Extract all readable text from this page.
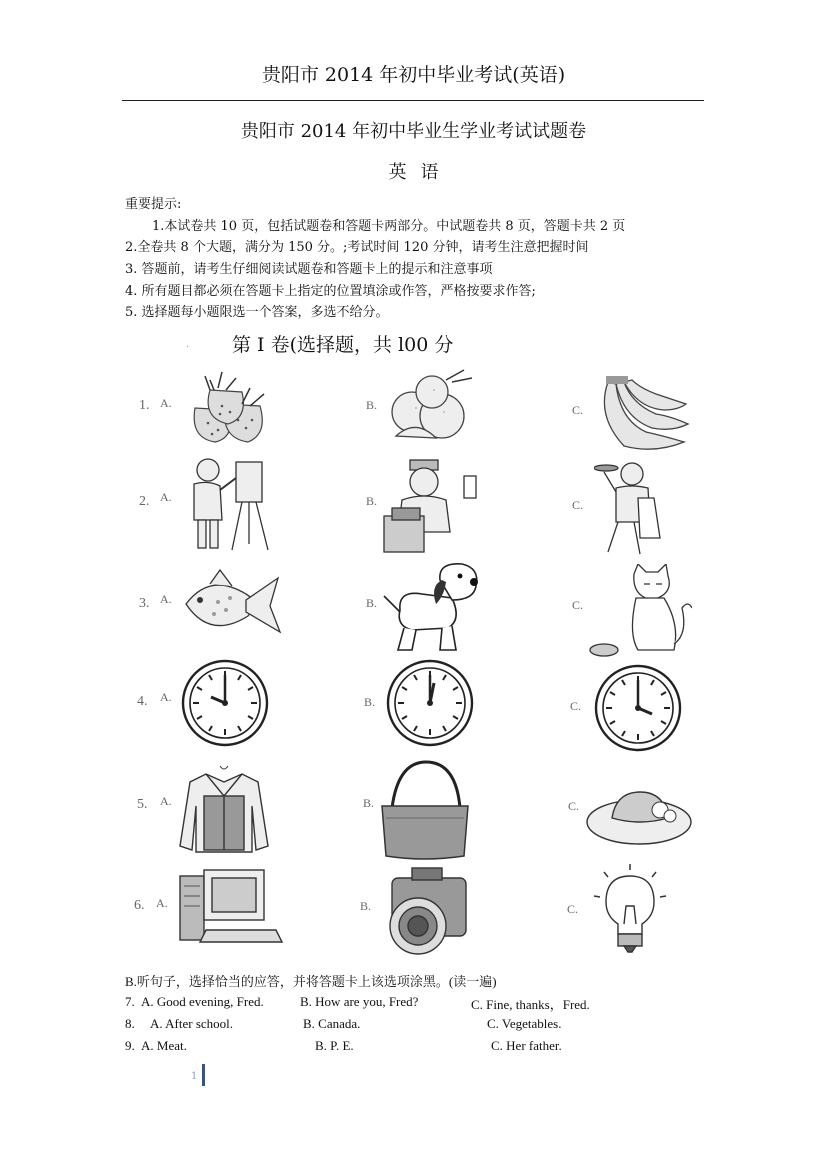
贵阳市 2014 年初中毕业考试(英语)
贵阳市 2014 年初中毕业生学业考试试题卷
英语
重要提示:
1.本试卷共 10 页，包括试题卷和答题卡两部分。中试题卷共 8 页，答题卡共 2 页
2.全卷共 8 个大题，满分为 150 分。;考试时间 120 分钟，请考生注意把握时间
3. 答题前，请考生仔细阅读试题卷和答题卡上的提示和注意事项
4. 所有题目都必须在答题卡上指定的位置填涂或作答，严格按要求作答;
5. 选择题每小题限选一个答案，多选不给分。
. 第 I 卷(选择题，共 l00 分
1. A.	B.	C.
2. A.	B.	C.
3. A.	B.	C.
4. A.	B.	C.
5. A.	B.	C.
6. A.	B.	C.
B.听句子，选择恰当的应答，并将答题卡上该选项涂黑。(读一遍)
7. A. Good evening, Fred.	B. How are you, Fred?	C. Fine, thanks，Fred.
8. A. After school.	B. Canada.	C. Vegetables.
9. A. Meat.	B. P. E.	C. Her father.
1
